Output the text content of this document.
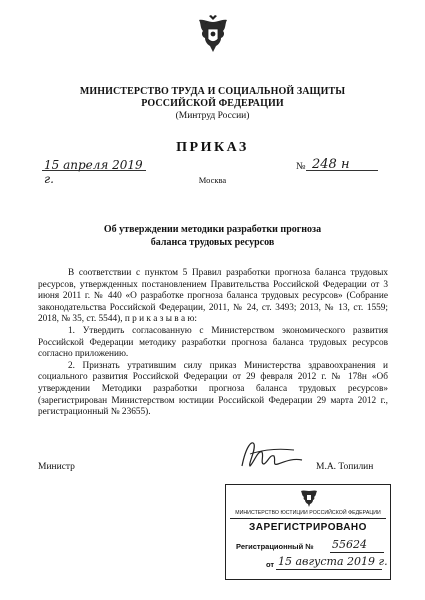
МИНИСТЕРСТВО ТРУДА И СОЦИАЛЬНОЙ ЗАЩИТЫ
РОССИЙСКОЙ ФЕДЕРАЦИИ
(Минтруд России)
ПРИКАЗ
15 апреля 2019 г.
№ 248 н
Москва
Об утверждении методики разработки прогноза
баланса трудовых ресурсов

В соответствии с пунктом 5 Правил разработки прогноза баланса трудовых ресурсов, утвержденных постановлением Правительства Российской Федерации от 3 июня 2011 г. № 440 «О разработке прогноза баланса трудовых ресурсов» (Собрание законодательства Российской Федерации, 2011, № 24, ст. 3493; 2013, № 13, ст. 1559; 2018, № 35, ст. 5544), п р и к а з ы в а ю:

1. Утвердить согласованную с Министерством экономического развития Российской Федерации методику разработки прогноза баланса трудовых ресурсов согласно приложению.

2. Признать утратившим силу приказ Министерства здравоохранения и социального развития Российской Федерации от 29 февраля 2012 г. № 178н «Об утверждении Методики разработки прогноза баланса трудовых ресурсов» (зарегистрирован Министерством юстиции Российской Федерации 29 марта 2012 г., регистрационный № 23655).

Министр	М.А. Топилин
МИНИСТЕРСТВО ЮСТИЦИИ РОССИЙСКОЙ ФЕДЕРАЦИИ
ЗАРЕГИСТРИРОВАНО
Регистрационный № 55624
от 15 августа 2019 г.
